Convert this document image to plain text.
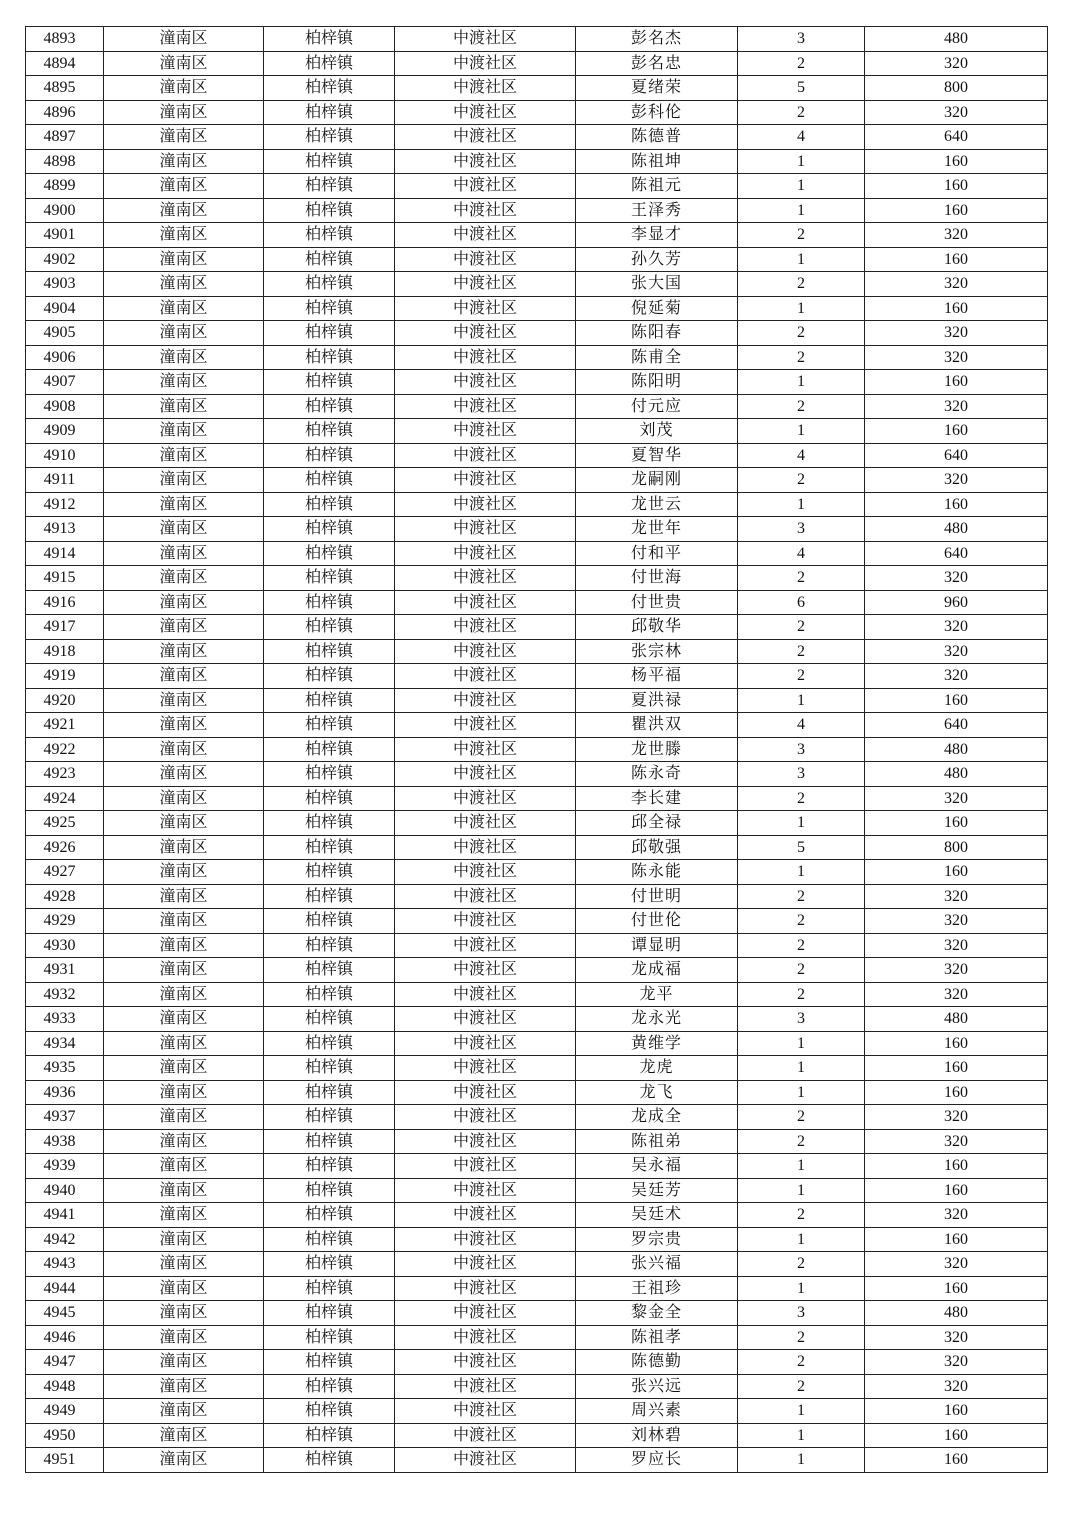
4893	潼南区	柏梓镇	中渡社区	彭名杰	3	480
4894	潼南区	柏梓镇	中渡社区	彭名忠	2	320
4895	潼南区	柏梓镇	中渡社区	夏绪荣	5	800
4896	潼南区	柏梓镇	中渡社区	彭科伦	2	320
4897	潼南区	柏梓镇	中渡社区	陈德普	4	640
4898	潼南区	柏梓镇	中渡社区	陈祖坤	1	160
4899	潼南区	柏梓镇	中渡社区	陈祖元	1	160
4900	潼南区	柏梓镇	中渡社区	王泽秀	1	160
4901	潼南区	柏梓镇	中渡社区	李显才	2	320
4902	潼南区	柏梓镇	中渡社区	孙久芳	1	160
4903	潼南区	柏梓镇	中渡社区	张大国	2	320
4904	潼南区	柏梓镇	中渡社区	倪延菊	1	160
4905	潼南区	柏梓镇	中渡社区	陈阳春	2	320
4906	潼南区	柏梓镇	中渡社区	陈甫全	2	320
4907	潼南区	柏梓镇	中渡社区	陈阳明	1	160
4908	潼南区	柏梓镇	中渡社区	付元应	2	320
4909	潼南区	柏梓镇	中渡社区	刘茂	1	160
4910	潼南区	柏梓镇	中渡社区	夏智华	4	640
4911	潼南区	柏梓镇	中渡社区	龙嗣刚	2	320
4912	潼南区	柏梓镇	中渡社区	龙世云	1	160
4913	潼南区	柏梓镇	中渡社区	龙世年	3	480
4914	潼南区	柏梓镇	中渡社区	付和平	4	640
4915	潼南区	柏梓镇	中渡社区	付世海	2	320
4916	潼南区	柏梓镇	中渡社区	付世贵	6	960
4917	潼南区	柏梓镇	中渡社区	邱敬华	2	320
4918	潼南区	柏梓镇	中渡社区	张宗林	2	320
4919	潼南区	柏梓镇	中渡社区	杨平福	2	320
4920	潼南区	柏梓镇	中渡社区	夏洪禄	1	160
4921	潼南区	柏梓镇	中渡社区	瞿洪双	4	640
4922	潼南区	柏梓镇	中渡社区	龙世滕	3	480
4923	潼南区	柏梓镇	中渡社区	陈永奇	3	480
4924	潼南区	柏梓镇	中渡社区	李长建	2	320
4925	潼南区	柏梓镇	中渡社区	邱全禄	1	160
4926	潼南区	柏梓镇	中渡社区	邱敬强	5	800
4927	潼南区	柏梓镇	中渡社区	陈永能	1	160
4928	潼南区	柏梓镇	中渡社区	付世明	2	320
4929	潼南区	柏梓镇	中渡社区	付世伦	2	320
4930	潼南区	柏梓镇	中渡社区	谭显明	2	320
4931	潼南区	柏梓镇	中渡社区	龙成福	2	320
4932	潼南区	柏梓镇	中渡社区	龙平	2	320
4933	潼南区	柏梓镇	中渡社区	龙永光	3	480
4934	潼南区	柏梓镇	中渡社区	黄维学	1	160
4935	潼南区	柏梓镇	中渡社区	龙虎	1	160
4936	潼南区	柏梓镇	中渡社区	龙飞	1	160
4937	潼南区	柏梓镇	中渡社区	龙成全	2	320
4938	潼南区	柏梓镇	中渡社区	陈祖弟	2	320
4939	潼南区	柏梓镇	中渡社区	吴永福	1	160
4940	潼南区	柏梓镇	中渡社区	吴廷芳	1	160
4941	潼南区	柏梓镇	中渡社区	吴廷术	2	320
4942	潼南区	柏梓镇	中渡社区	罗宗贵	1	160
4943	潼南区	柏梓镇	中渡社区	张兴福	2	320
4944	潼南区	柏梓镇	中渡社区	王祖珍	1	160
4945	潼南区	柏梓镇	中渡社区	黎金全	3	480
4946	潼南区	柏梓镇	中渡社区	陈祖孝	2	320
4947	潼南区	柏梓镇	中渡社区	陈德勤	2	320
4948	潼南区	柏梓镇	中渡社区	张兴远	2	320
4949	潼南区	柏梓镇	中渡社区	周兴素	1	160
4950	潼南区	柏梓镇	中渡社区	刘林碧	1	160
4951	潼南区	柏梓镇	中渡社区	罗应长	1	160
